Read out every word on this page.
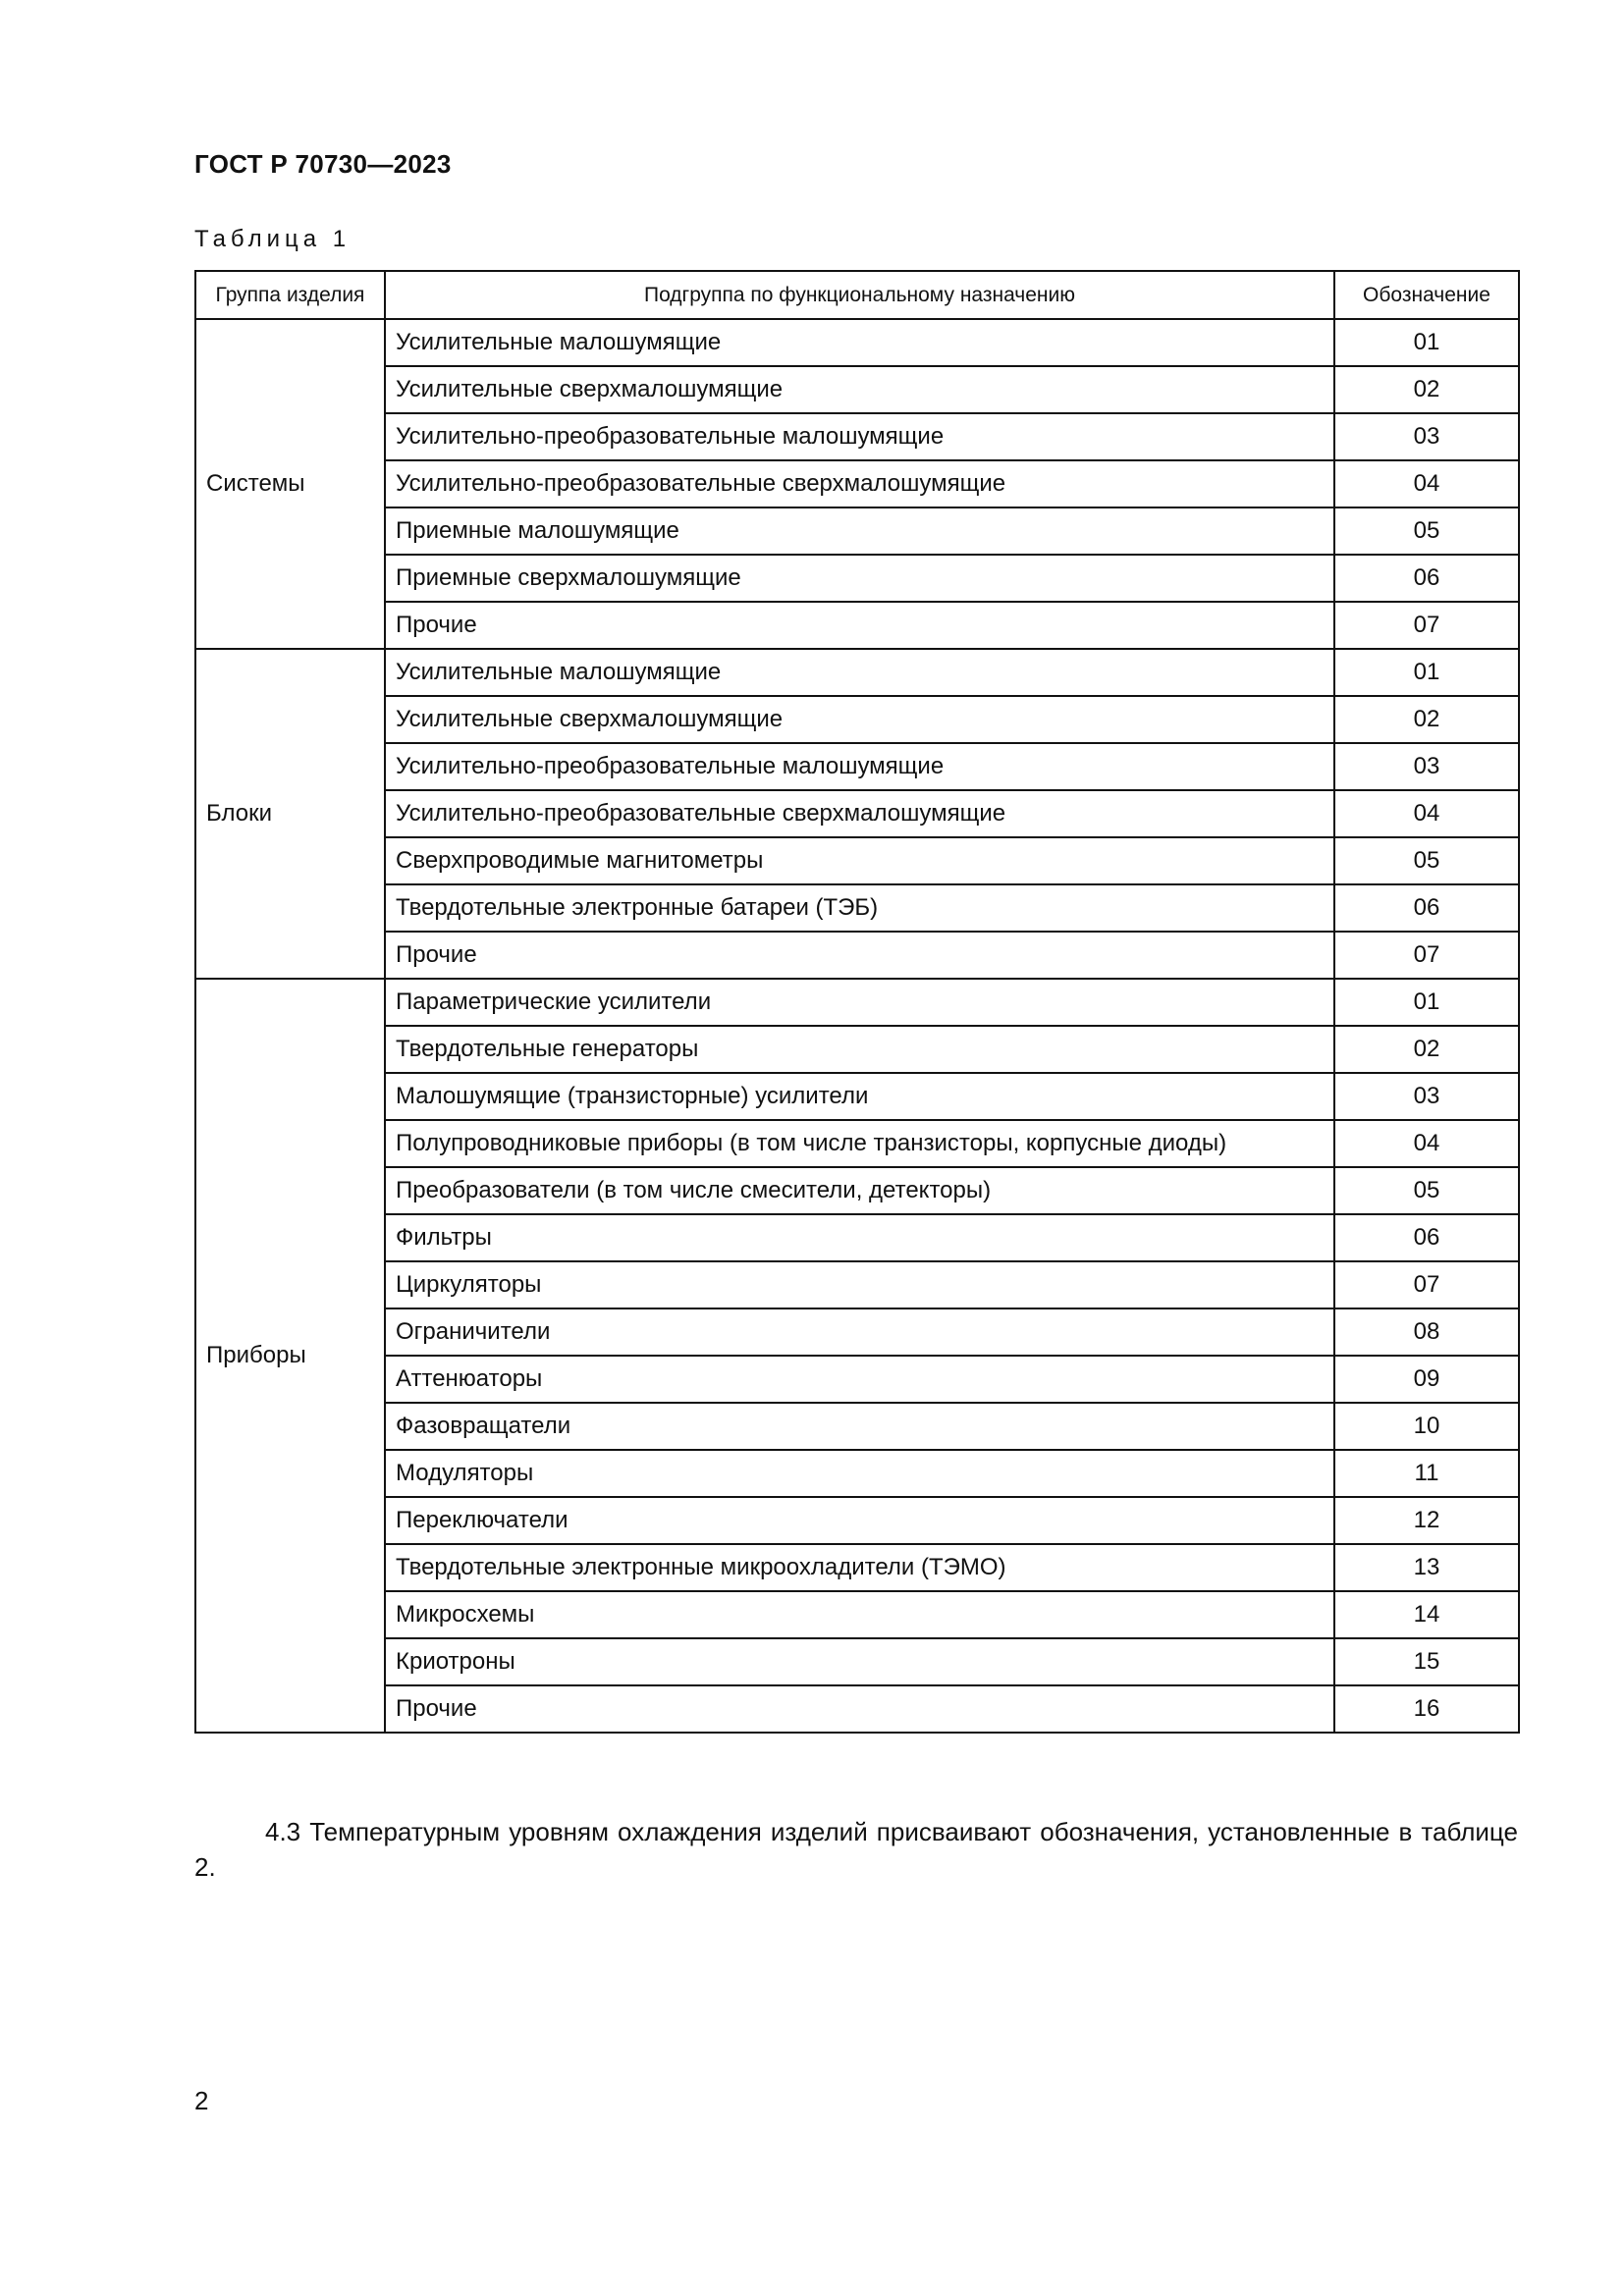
ГОСТ Р 70730—2023
Таблица 1
Группа изделия	Подгруппа по функциональному назначению	Обозначение
Системы	Усилительные малошумящие	01
	Усилительные сверхмалошумящие	02
	Усилительно-преобразовательные малошумящие	03
	Усилительно-преобразовательные сверхмалошумящие	04
	Приемные малошумящие	05
	Приемные сверхмалошумящие	06
	Прочие	07
Блоки	Усилительные малошумящие	01
	Усилительные сверхмалошумящие	02
	Усилительно-преобразовательные малошумящие	03
	Усилительно-преобразовательные сверхмалошумящие	04
	Сверхпроводимые магнитометры	05
	Твердотельные электронные батареи (ТЭБ)	06
	Прочие	07
Приборы	Параметрические усилители	01
	Твердотельные генераторы	02
	Малошумящие (транзисторные) усилители	03
	Полупроводниковые приборы (в том числе транзисторы, корпусные диоды)	04
	Преобразователи (в том числе смесители, детекторы)	05
	Фильтры	06
	Циркуляторы	07
	Ограничители	08
	Аттенюаторы	09
	Фазовращатели	10
	Модуляторы	11
	Переключатели	12
	Твердотельные электронные микроохладители (ТЭМО)	13
	Микросхемы	14
	Криотроны	15
	Прочие	16

4.3 Температурным уровням охлаждения изделий присваивают обозначения, установленные в таблице 2.

2
